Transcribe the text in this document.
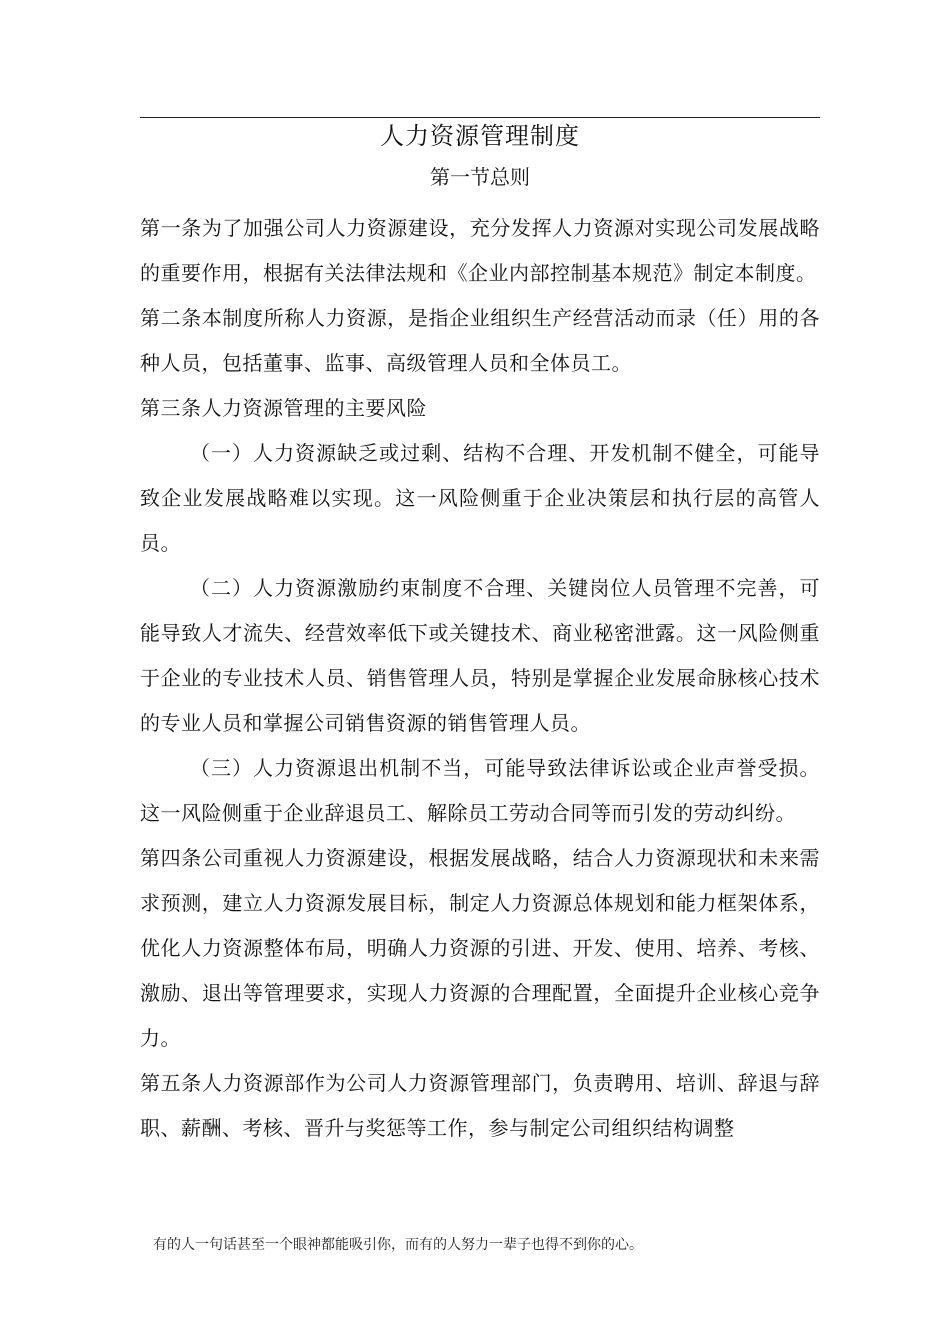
人力资源管理制度
第一节总则

第一条为了加强公司人力资源建设，充分发挥人力资源对实现公司发展战略的重要作用，根据有关法律法规和《企业内部控制基本规范》制定本制度。

第二条本制度所称人力资源，是指企业组织生产经营活动而录（任）用的各种人员，包括董事、监事、高级管理人员和全体员工。

第三条人力资源管理的主要风险

（一）人力资源缺乏或过剩、结构不合理、开发机制不健全，可能导致企业发展战略难以实现。这一风险侧重于企业决策层和执行层的高管人员。

（二）人力资源激励约束制度不合理、关键岗位人员管理不完善，可能导致人才流失、经营效率低下或关键技术、商业秘密泄露。这一风险侧重于企业的专业技术人员、销售管理人员，特别是掌握企业发展命脉核心技术的专业人员和掌握公司销售资源的销售管理人员。

（三）人力资源退出机制不当，可能导致法律诉讼或企业声誉受损。这一风险侧重于企业辞退员工、解除员工劳动合同等而引发的劳动纠纷。

第四条公司重视人力资源建设，根据发展战略，结合人力资源现状和未来需求预测，建立人力资源发展目标，制定人力资源总体规划和能力框架体系，优化人力资源整体布局，明确人力资源的引进、开发、使用、培养、考核、激励、退出等管理要求，实现人力资源的合理配置，全面提升企业核心竞争力。

第五条人力资源部作为公司人力资源管理部门，负责聘用、培训、辞退与辞职、薪酬、考核、晋升与奖惩等工作，参与制定公司组织结构调整

有的人一句话甚至一个眼神都能吸引你，而有的人努力一辈子也得不到你的心。
